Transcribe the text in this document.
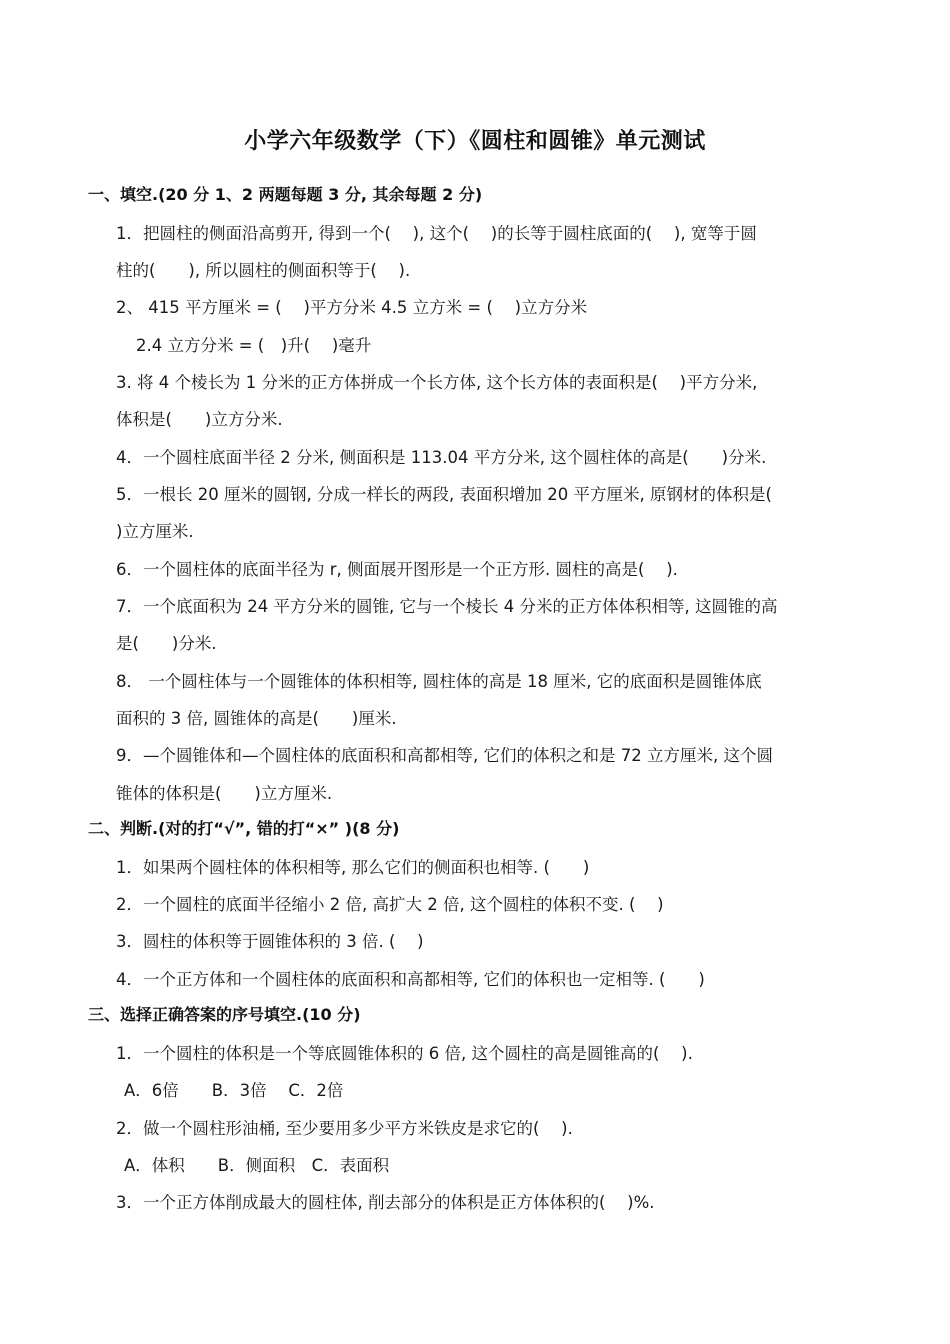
小学六年级数学（下）《圆柱和圆锥》单元测试
一、填空.(20 分 1、2 两题每题 3 分, 其余每题 2 分)
1．把圆柱的侧面沿高剪开, 得到一个(　 ), 这个(　 )的长等于圆柱底面的(　 ), 宽等于圆
柱的(　　), 所以圆柱的侧面积等于(　 ).
2、 415 平方厘米 = (　 )平方分米 4.5 立方米 = (　 )立方分米
2.4 立方分米 = (　)升(　 )毫升
3. 将 4 个棱长为 1 分米的正方体拼成一个长方体, 这个长方体的表面积是(　 )平方分米,
体积是(　　)立方分米.
4．一个圆柱底面半径 2 分米, 侧面积是 113.04 平方分米, 这个圆柱体的高是(　　)分米.
5．一根长 20 厘米的圆钢, 分成一样长的两段, 表面积增加 20 平方厘米, 原钢材的体积是(
)立方厘米.
6．一个圆柱体的底面半径为 r, 侧面展开图形是一个正方形. 圆柱的高是(　 ).
7．一个底面积为 24 平方分米的圆锥, 它与一个棱长 4 分米的正方体体积相等, 这圆锥的高
是(　　)分米.
8． 一个圆柱体与一个圆锥体的体积相等, 圆柱体的高是 18 厘米, 它的底面积是圆锥体底
面积的 3 倍, 圆锥体的高是(　　)厘米.
9．—个圆锥体和—个圆柱体的底面积和高都相等, 它们的体积之和是 72 立方厘米, 这个圆
锥体的体积是(　　)立方厘米.
二、判断.(对的打“√”, 错的打“×” )(8 分)
1．如果两个圆柱体的体积相等, 那么它们的侧面积也相等. (　　)
2．一个圆柱的底面半径缩小 2 倍, 高扩大 2 倍, 这个圆柱的体积不变. (　 )
3．圆柱的体积等于圆锥体积的 3 倍. (　 )
4．一个正方体和一个圆柱体的底面积和高都相等, 它们的体积也一定相等. (　　)
三、选择正确答案的序号填空.(10 分)
1．一个圆柱的体积是一个等底圆锥体积的 6 倍, 这个圆柱的高是圆锥高的(　 ).
A．6倍　　B．3倍　 C．2倍
2．做一个圆柱形油桶, 至少要用多少平方米铁皮是求它的(　 ).
A．体积　　B．侧面积　C．表面积
3．一个正方体削成最大的圆柱体, 削去部分的体积是正方体体积的(　 )%.
